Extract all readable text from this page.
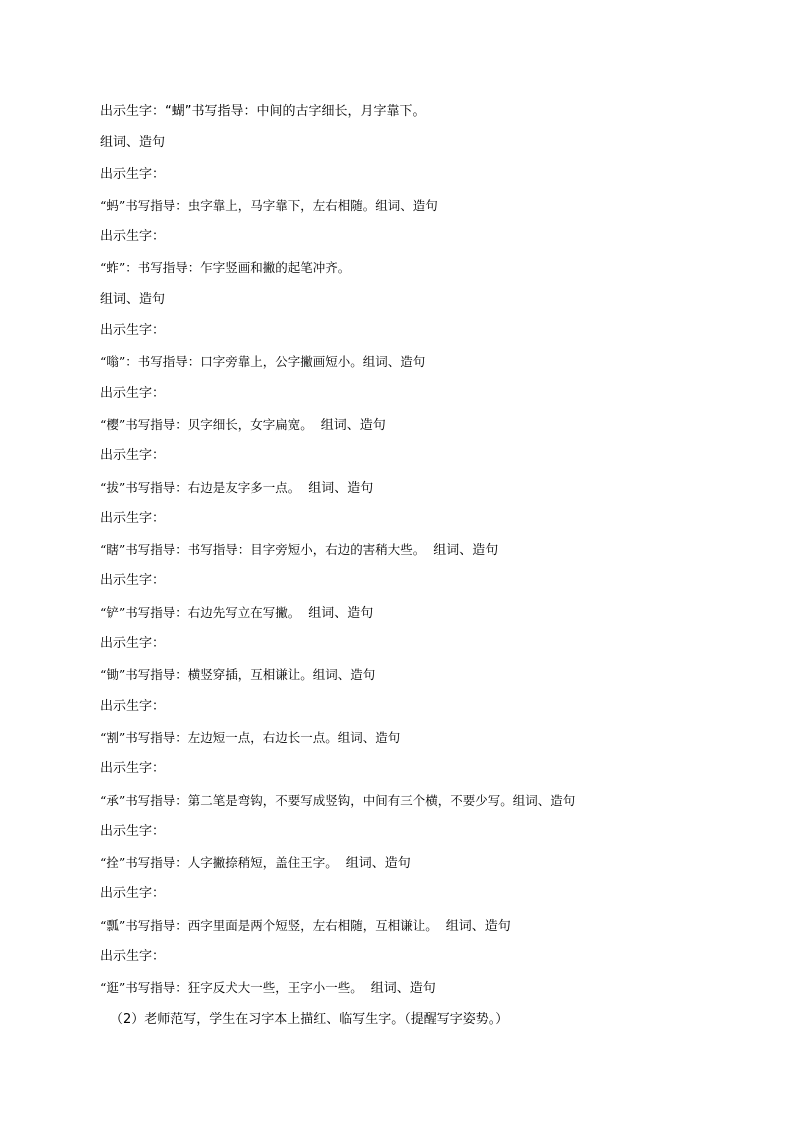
出示生字：“蝴”书写指导：中间的古字细长，月字靠下。
组词、造句
出示生字：
“蚂”书写指导：虫字靠上，马字靠下，左右相随。组词、造句
出示生字：
“蚱”：书写指导：乍字竖画和撇的起笔冲齐。
组词、造句
出示生字：
“嗡”：书写指导：口字旁靠上，公字撇画短小。组词、造句
出示生字：
“樱”书写指导：贝字细长，女字扁宽。 组词、造句
出示生字：
“拔”书写指导：右边是友字多一点。 组词、造句
出示生字：
“瞎”书写指导：书写指导：目字旁短小，右边的害稍大些。 组词、造句
出示生字：
“铲”书写指导：右边先写立在写撇。 组词、造句
出示生字：
“锄”书写指导：横竖穿插，互相谦让。组词、造句
出示生字：
“割”书写指导：左边短一点，右边长一点。组词、造句
出示生字：
“承”书写指导：第二笔是弯钩，不要写成竖钩，中间有三个横，不要少写。组词、造句
出示生字：
“拴”书写指导：人字撇捺稍短，盖住王字。 组词、造句
出示生字：
“瓢”书写指导：西字里面是两个短竖，左右相随，互相谦让。 组词、造句
出示生字：
“逛”书写指导：狂字反犬大一些，王字小一些。 组词、造句
（2）老师范写，学生在习字本上描红、临写生字。（提醒写字姿势。）
